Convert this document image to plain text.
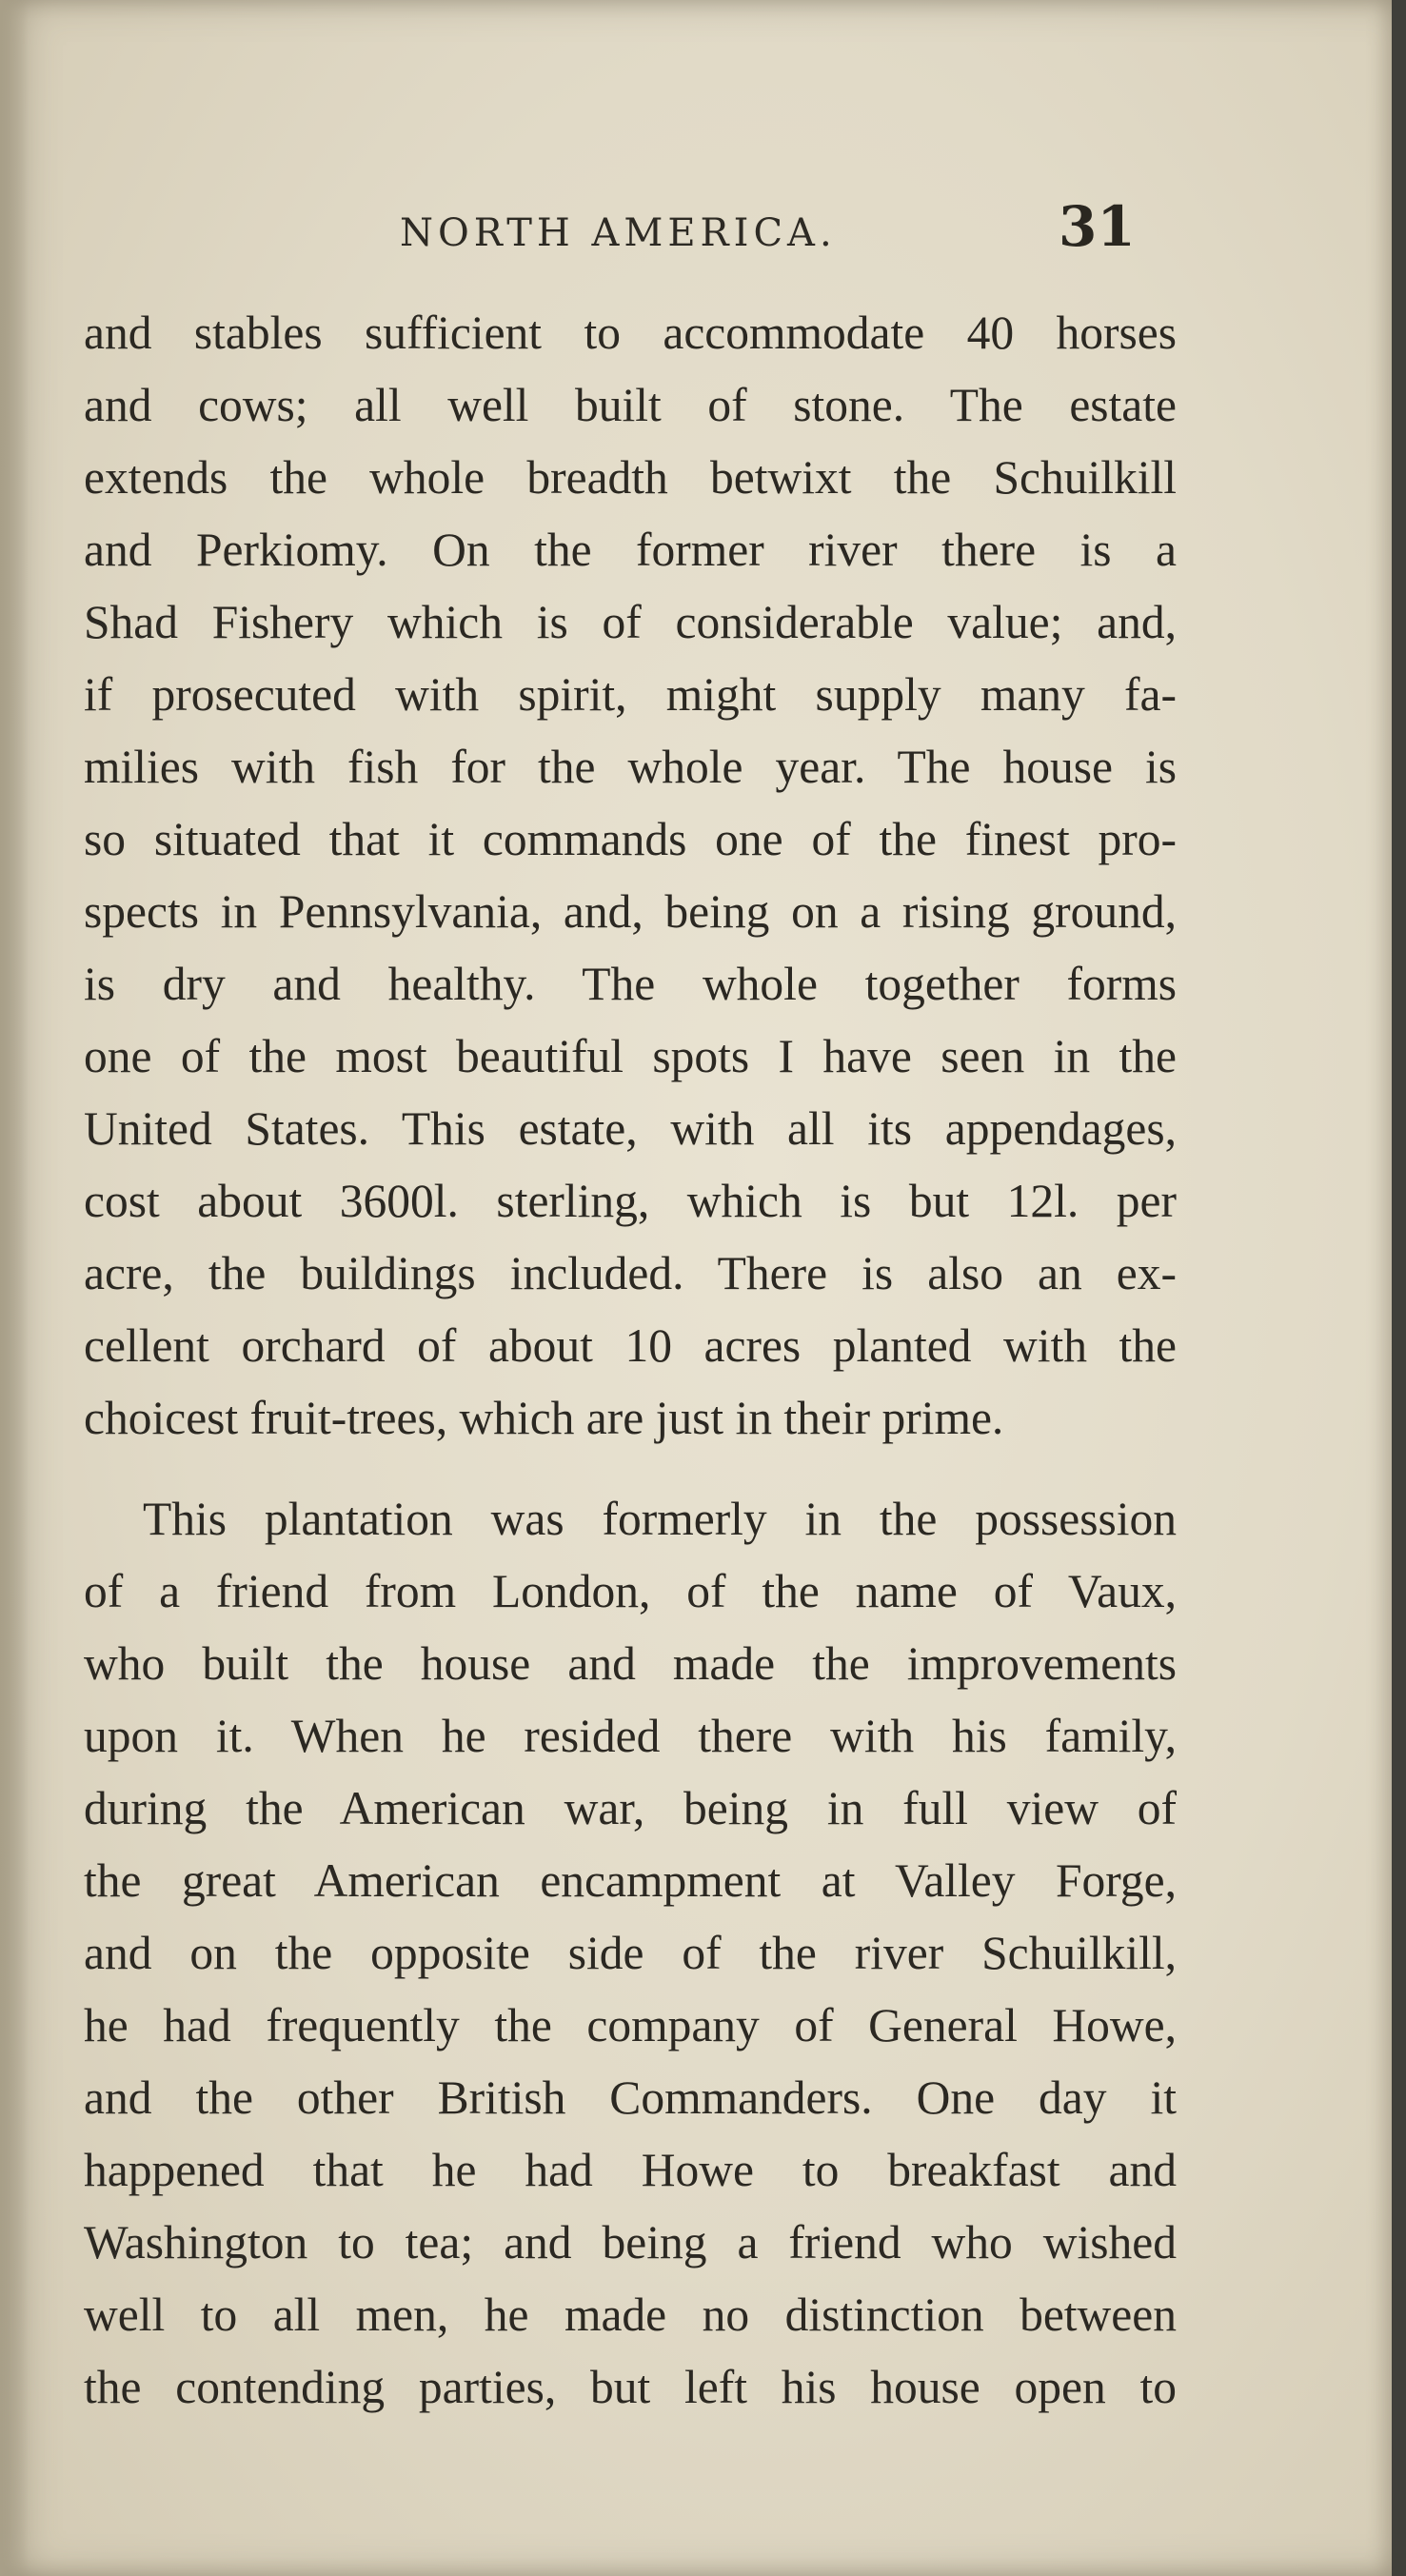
NORTH AMERICA.	31
and stables sufficient to accommodate 40 horses
and cows; all well built of stone. The estate
extends the whole breadth betwixt the Schuilkill
and Perkiomy. On the former river there is a
Shad Fishery which is of considerable value; and,
if prosecuted with spirit, might supply many fa-
milies with fish for the whole year. The house is
so situated that it commands one of the finest pro-
spects in Pennsylvania, and, being on a rising ground,
is dry and healthy. The whole together forms
one of the most beautiful spots I have seen in the
United States. This estate, with all its appendages,
cost about 3600l. sterling, which is but 12l. per
acre, the buildings included. There is also an ex-
cellent orchard of about 10 acres planted with the
choicest fruit-trees, which are just in their prime.
This plantation was formerly in the possession
of a friend from London, of the name of Vaux,
who built the house and made the improvements
upon it. When he resided there with his family,
during the American war, being in full view of
the great American encampment at Valley Forge,
and on the opposite side of the river Schuilkill,
he had frequently the company of General Howe,
and the other British Commanders. One day it
happened that he had Howe to breakfast and
Washington to tea; and being a friend who wished
well to all men, he made no distinction between
the contending parties, but left his house open to
